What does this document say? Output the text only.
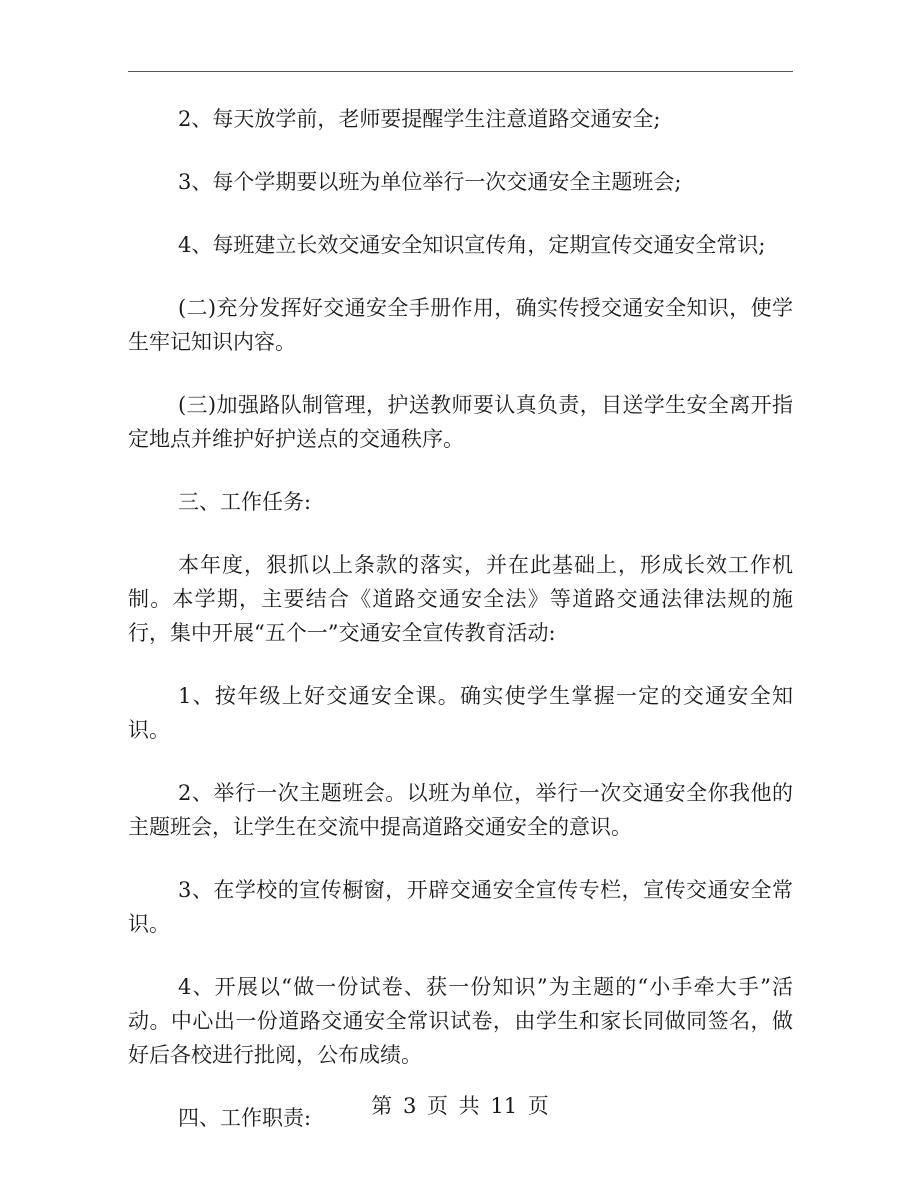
2、每天放学前，老师要提醒学生注意道路交通安全;

3、每个学期要以班为单位举行一次交通安全主题班会;

4、每班建立长效交通安全知识宣传角，定期宣传交通安全常识;

(二)充分发挥好交通安全手册作用，确实传授交通安全知识，使学生牢记知识内容。

(三)加强路队制管理，护送教师要认真负责，目送学生安全离开指定地点并维护好护送点的交通秩序。

三、工作任务:

本年度，狠抓以上条款的落实，并在此基础上，形成长效工作机制。本学期，主要结合《道路交通安全法》等道路交通法律法规的施行，集中开展“五个一”交通安全宣传教育活动:

1、按年级上好交通安全课。确实使学生掌握一定的交通安全知识。

2、举行一次主题班会。以班为单位，举行一次交通安全你我他的主题班会，让学生在交流中提高道路交通安全的意识。

3、在学校的宣传橱窗，开辟交通安全宣传专栏，宣传交通安全常识。

4、开展以“做一份试卷、获一份知识”为主题的“小手牵大手”活动。中心出一份道路交通安全常识试卷，由学生和家长同做同签名，做好后各校进行批阅，公布成绩。

四、工作职责:	第 3 页 共 11 页
